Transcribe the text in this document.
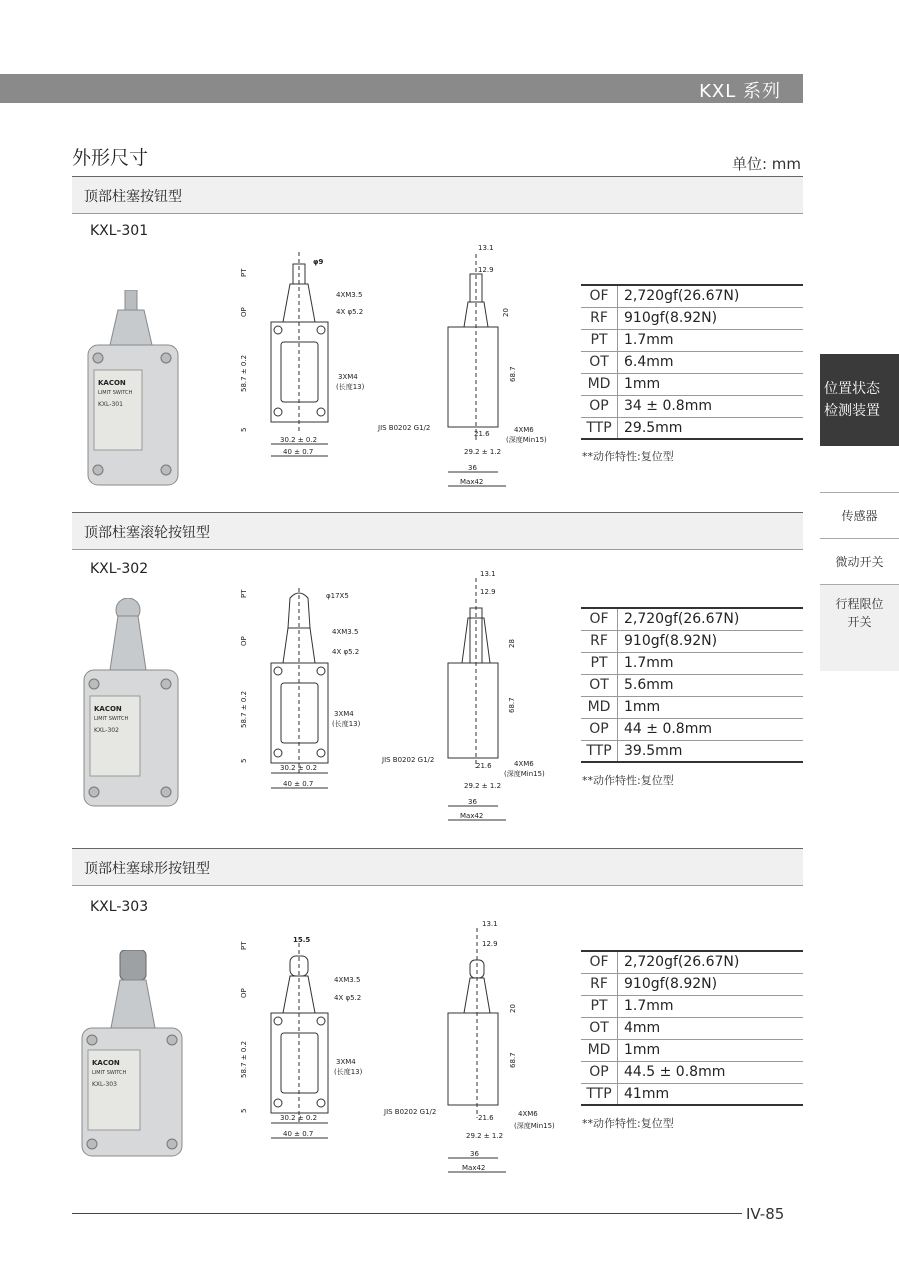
KXL 系列
外形尺寸	单位: mm
位置状态
检测装置
传感器
微动开关
行程限位
开关
顶部柱塞按钮型
KXL-301
KACON
LIMIT SWITCH
KXL-301
30.2 ± 0.2
40 ± 0.7
φ9
4XM3.5
4X φ5.2
3XM4
(长度13)
58.7 ± 0.2
PT
OP
5
13.1
12.9
20
68.7
JIS B0202 G1/2
21.6
29.2 ± 1.2
36
Max42
4XM6
(深度Min15)
OF	2,720gf(26.67N)
RF	910gf(8.92N)
PT	1.7mm
OT	6.4mm
MD	1mm
OP	34 ± 0.8mm
TTP	29.5mm
**动作特性:复位型
顶部柱塞滚轮按钮型
KXL-302
KACON
LIMIT SWITCH
KXL-302
30.2 ± 0.2
40 ± 0.7
φ17X5
4XM3.5
4X φ5.2
3XM4
(长度13)
58.7 ± 0.2
PT
OP
5
13.1
12.9
28
68.7
JIS B0202 G1/2
21.6
29.2 ± 1.2
36
Max42
4XM6
(深度Min15)
OF	2,720gf(26.67N)
RF	910gf(8.92N)
PT	1.7mm
OT	5.6mm
MD	1mm
OP	44 ± 0.8mm
TTP	39.5mm
**动作特性:复位型
顶部柱塞球形按钮型
KXL-303
KACON
LIMIT SWITCH
KXL-303
30.2 ± 0.2
40 ± 0.7
15.5
4XM3.5
4X φ5.2
3XM4
(长度13)
58.7 ± 0.2
PT
OP
5
13.1
12.9
20
68.7
JIS B0202 G1/2
21.6
29.2 ± 1.2
36
Max42
4XM6
(深度Min15)
OF	2,720gf(26.67N)
RF	910gf(8.92N)
PT	1.7mm
OT	4mm
MD	1mm
OP	44.5 ± 0.8mm
TTP	41mm
**动作特性:复位型
IV-85
